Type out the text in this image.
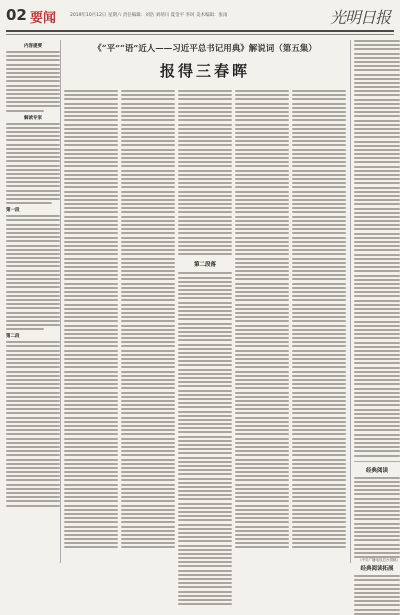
02 要闻	2019年10月12日 星期六 责任编辑：刘浩 刘靖川 夏金平 李珂 美术编辑：张雨	光明日报
内容提要
解读专家
第一段
第二段
《“平”“语”近人——习近平总书记用典》解说词（第五集）
报得三春晖
第二段落
经典阅读
经典阅读拓展
（中央广播电视总台供稿）
